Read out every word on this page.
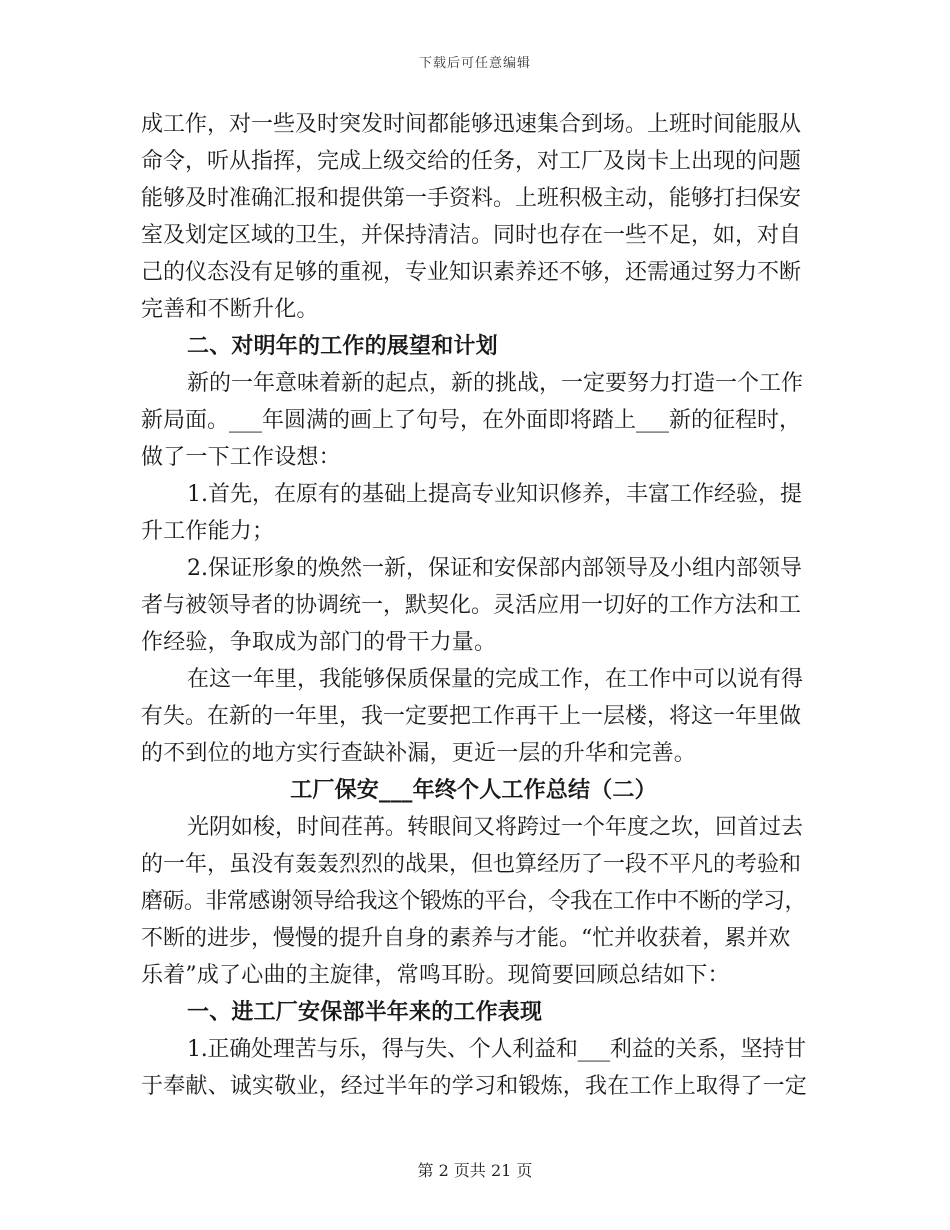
下载后可任意编辑
成工作，对一些及时突发时间都能够迅速集合到场。上班时间能服从
命令，听从指挥，完成上级交给的任务，对工厂及岗卡上出现的问题
能够及时准确汇报和提供第一手资料。上班积极主动，能够打扫保安
室及划定区域的卫生，并保持清洁。同时也存在一些不足，如，对自
己的仪态没有足够的重视，专业知识素养还不够，还需通过努力不断
完善和不断升化。
二、对明年的工作的展望和计划
新的一年意味着新的起点，新的挑战，一定要努力打造一个工作
新局面。___年圆满的画上了句号，在外面即将踏上___新的征程时，
做了一下工作设想：
1.首先，在原有的基础上提高专业知识修养，丰富工作经验，提
升工作能力；
2.保证形象的焕然一新，保证和安保部内部领导及小组内部领导
者与被领导者的协调统一，默契化。灵活应用一切好的工作方法和工
作经验，争取成为部门的骨干力量。
在这一年里，我能够保质保量的完成工作，在工作中可以说有得
有失。在新的一年里，我一定要把工作再干上一层楼，将这一年里做
的不到位的地方实行查缺补漏，更近一层的升华和完善。
工厂保安___年终个人工作总结（二）
光阴如梭，时间荏苒。转眼间又将跨过一个年度之坎，回首过去
的一年，虽没有轰轰烈烈的战果，但也算经历了一段不平凡的考验和
磨砺。非常感谢领导给我这个锻炼的平台，令我在工作中不断的学习，
不断的进步，慢慢的提升自身的素养与才能。“忙并收获着，累并欢
乐着”成了心曲的主旋律，常鸣耳盼。现简要回顾总结如下：
一、进工厂安保部半年来的工作表现
1.正确处理苦与乐，得与失、个人利益和___利益的关系，坚持甘
于奉献、诚实敬业，经过半年的学习和锻炼，我在工作上取得了一定
第 2 页共 21 页
